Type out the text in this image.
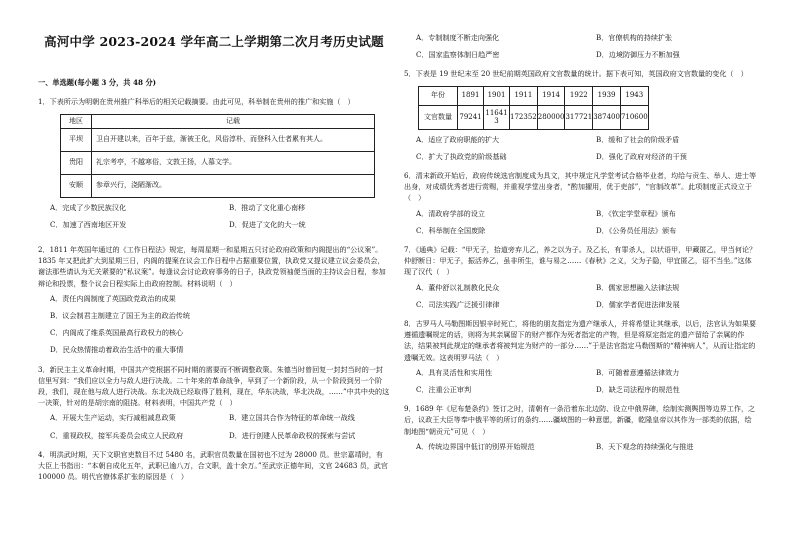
高河中学 2023-2024 学年高二上学期第二次月考历史试题
一、单选题(每小题 3 分，共 48 分)

1．下表所示为明朝在贵州推广科举后的相关记载摘要。由此可见，科举制在贵州的推广和实施（　）

地区	记载
平坝	卫自开建以来，百年于兹，渐被王化，风俗淳朴，而登科入仕者累有其人。
贵阳	礼宗考亭，不越寒俗，文敦王扬，人慕文学。
安顺	参章兴行，浇陋渐改。
A．完成了少数民族汉化	B．推动了文化重心南移
C．加速了西南地区开发	D．促进了文化的大一统

2．1811 年英国年通过的《工作日程法》规定，每周星期一和星期五只讨论政府政策和内阁提出的“公议案”。1835 年又把此扩大到星期三日，内阁的提案在议会工作日程中占据重要位置，执政党又提议建立议会委员会，谢法那些请认为无关紧要的“私议案”。每逢议会讨论政府事务的日子，执政党领袖便当面的主持议会日程，参加辩论和投票，整个议会日程实际上由政府控制。材料说明（　）

A．责任内阁制度了英国政党政治的成果
B．议会制君主制建立了国王为主的政治传统
C．内阁成了维系英国最高行政权力的核心
D．民众热情推动着政治生活中的重大事情

3．新民主主义革命时期，中国共产党根据不同时期的需要而不断调整政策。朱德当时曾回复一封封当时的一封信里写到：“我们应以全力与敌人进行决战。二十年来的革命战争，早到了一个新阶段，从一个阶段到另一个阶段，我们，现在他与敌人进行决战。东北决战已经取得了胜利，现在，华东决战，华北决战，……”中共中央的这一决策，针对的是胡宗南的阻挠。材料表明，中国共产党（　）

A．开展大生产运动，实行减租减息政策	B．建立国共合作为特征的革命统一战线
C．重视政权，接军兵委员会成立人民政府	D．进行创建人民革命政权的探索与尝试

4．明洪武时期，天下文职官吏数目不过 5480 名，武职官员数量在国初也不过为 28000 员。世宗嘉靖时，有大臣上书指出：“本朝自成化五年，武职已逾八万，合文职，盖十余万。”至武宗正德年间，文官 24683 员，武官 100000 员。明代官僚体系扩张的原因是（　）

A．专制制度不断走向强化	B．官僚机构的持续扩张
C．国家监察体制日趋严密	D．边境防御压力不断加强

5．下表是 19 世纪末至 20 世纪前期英国政府文官数量的统计。据下表可知，英国政府文官数量的变化（　）

年份	1891	1901	1911	1914	1922	1939	1943
文官数量	79241	116413	172352	280000	317721	387400	710600
A．适应了政府职能的扩大	B．缓和了社会的阶级矛盾
C．扩大了执政党的阶级基础	D．强化了政府对经济的干预

6．清末新政开始后，政府传统选官制度成为具文，其中规定凡学堂考试合格毕业者，均给与贡生、举人、进士等出身，对成绩优秀者进行赏赐，并重视学堂出身者，“酌加擢用，优于吏部”，“官制改革”。此项制度正式设立于（　）

A．清政府学部的设立	B．《钦定学堂章程》颁布
C．科举制在全国废除	D．《公务员任用法》颁布

7．《通典》记载：“甲无子，拾道旁弃儿乙，养之以为子。及乙长，有罪杀人，以状语甲，甲藏匿乙，甲当何论？仲舒断日：甲无子，振活养乙，虽非所生，谁与易之……《春秋》之义，父为子隐，甲宜匿乙，诏不当坐。”这体现了汉代（　）

A．董仲舒以礼制教化民众	B．儒家思想融入法律法规
C．司法实践广泛援引律律	D．儒家学者促进法律发展

8．古罗马人马勒图斯因银辛时死亡，将他的朋友指定为遗产继承人，并将希望让其继承，以后，法官认为如果要遵循遗嘱规定的话，则将为其亲属留下的财产都作为死者指定的产物，但是将原定指定的遗产留给了亲属的作法，结果被判此规定的继承者将被判定为财产的一部分……”于是法官指定马勒图斯的“精神病人”，从而让指定的遗嘱无效。这表明罗马法（　）

A．具有灵活性和实用性	B．可随着意遵循法律效力
C．注重公正审判	D．缺乏司法程序的规范性

9．1689 年《尼布楚条约》签订之时，清朝有一条沿着东北边防、设立中俄界碑，绘制实测舆图等边界工作，之后，议政王大臣等奉中俄平等的所订的条约……疆域图的一种意愿，新疆，乾隆皇帝以其作为一部类的依据，绘制地图“朝贡元”可见（　）

A．传统边界国中低订的别界开始规范	B．天下观念的持续强化与推进
